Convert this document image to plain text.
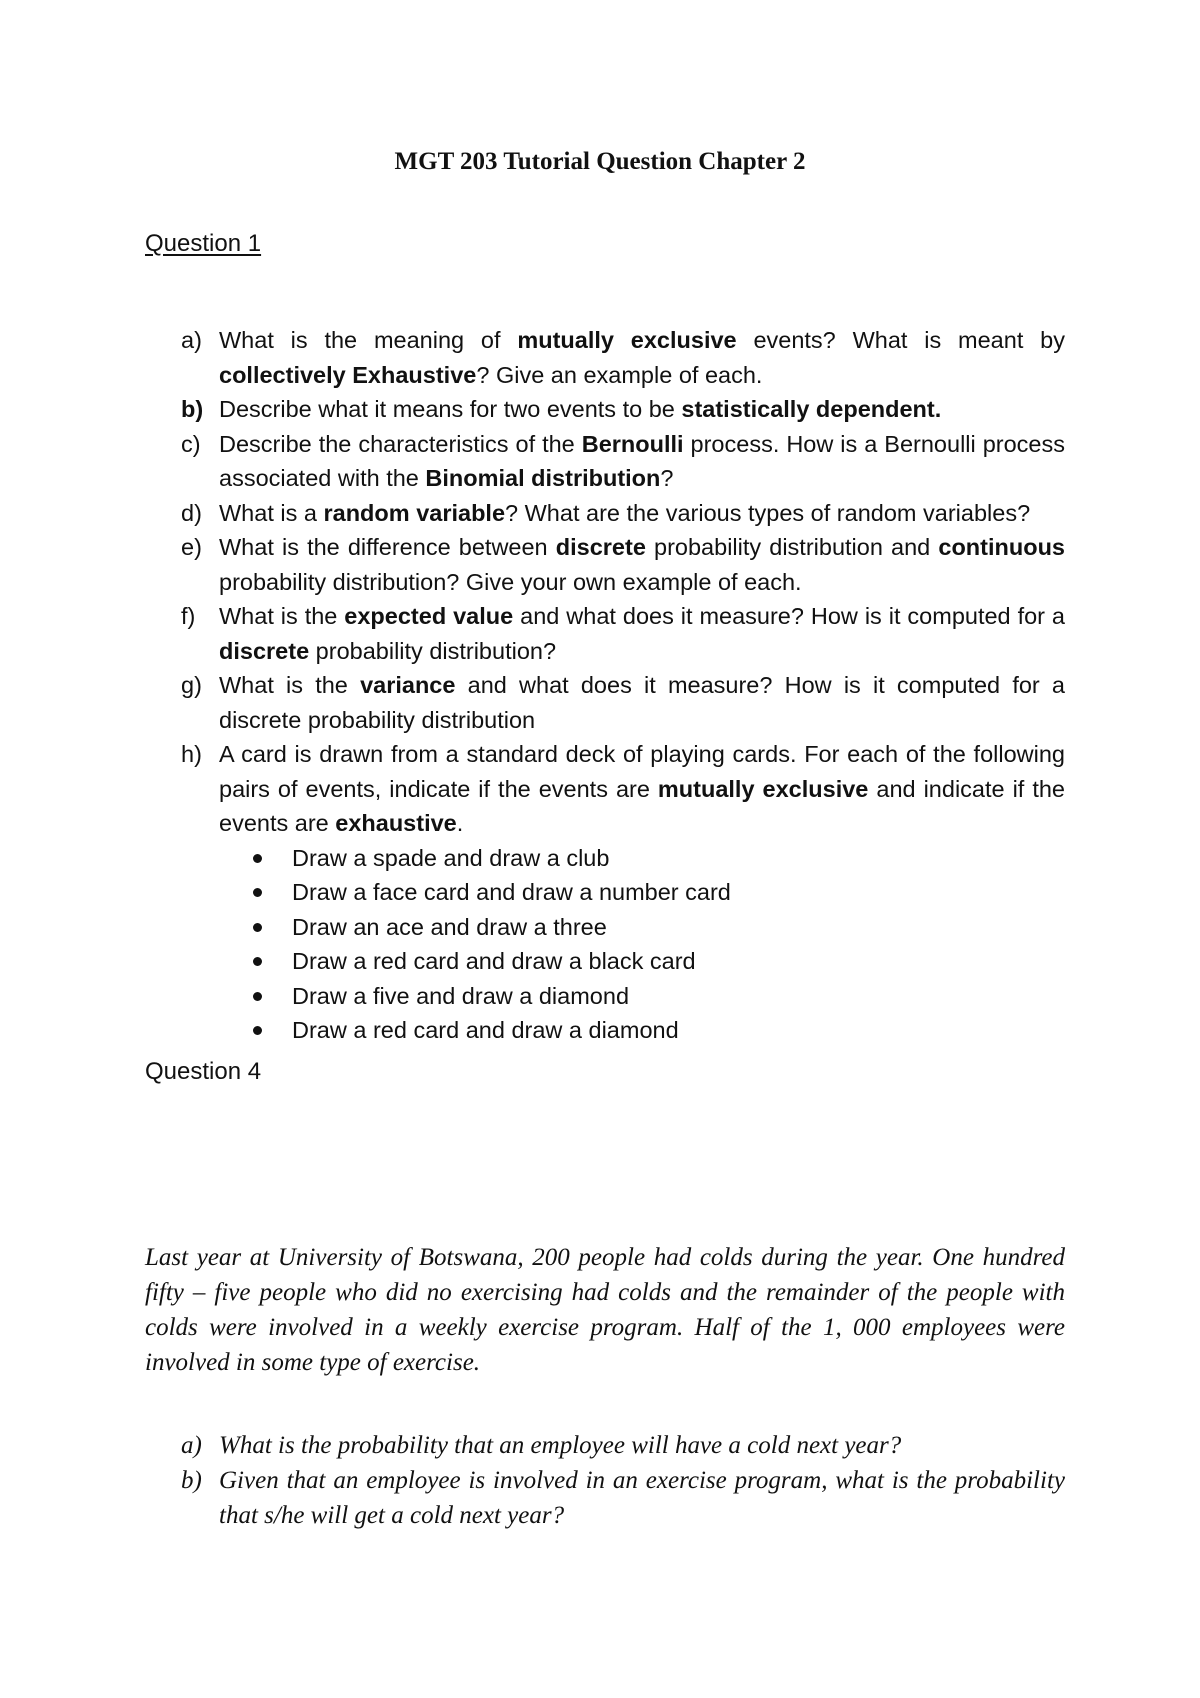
MGT 203 Tutorial Question Chapter 2

Question 1

a) What is the meaning of mutually exclusive events? What is meant by collectively Exhaustive? Give an example of each.
b) Describe what it means for two events to be statistically dependent.
c) Describe the characteristics of the Bernoulli process. How is a Bernoulli process associated with the Binomial distribution?
d) What is a random variable? What are the various types of random variables?
e) What is the difference between discrete probability distribution and continuous probability distribution? Give your own example of each.
f) What is the expected value and what does it measure? How is it computed for a discrete probability distribution?
g) What is the variance and what does it measure? How is it computed for a discrete probability distribution
h) A card is drawn from a standard deck of playing cards. For each of the following pairs of events, indicate if the events are mutually exclusive and indicate if the events are exhaustive.
Draw a spade and draw a club
Draw a face card and draw a number card
Draw an ace and draw a three
Draw a red card and draw a black card
Draw a five and draw a diamond
Draw a red card and draw a diamond

Question 4

Last year at University of Botswana, 200 people had colds during the year. One hundred fifty – five people who did no exercising had colds and the remainder of the people with colds were involved in a weekly exercise program. Half of the 1, 000 employees were involved in some type of exercise.

a) What is the probability that an employee will have a cold next year?
b) Given that an employee is involved in an exercise program, what is the probability that s/he will get a cold next year?
